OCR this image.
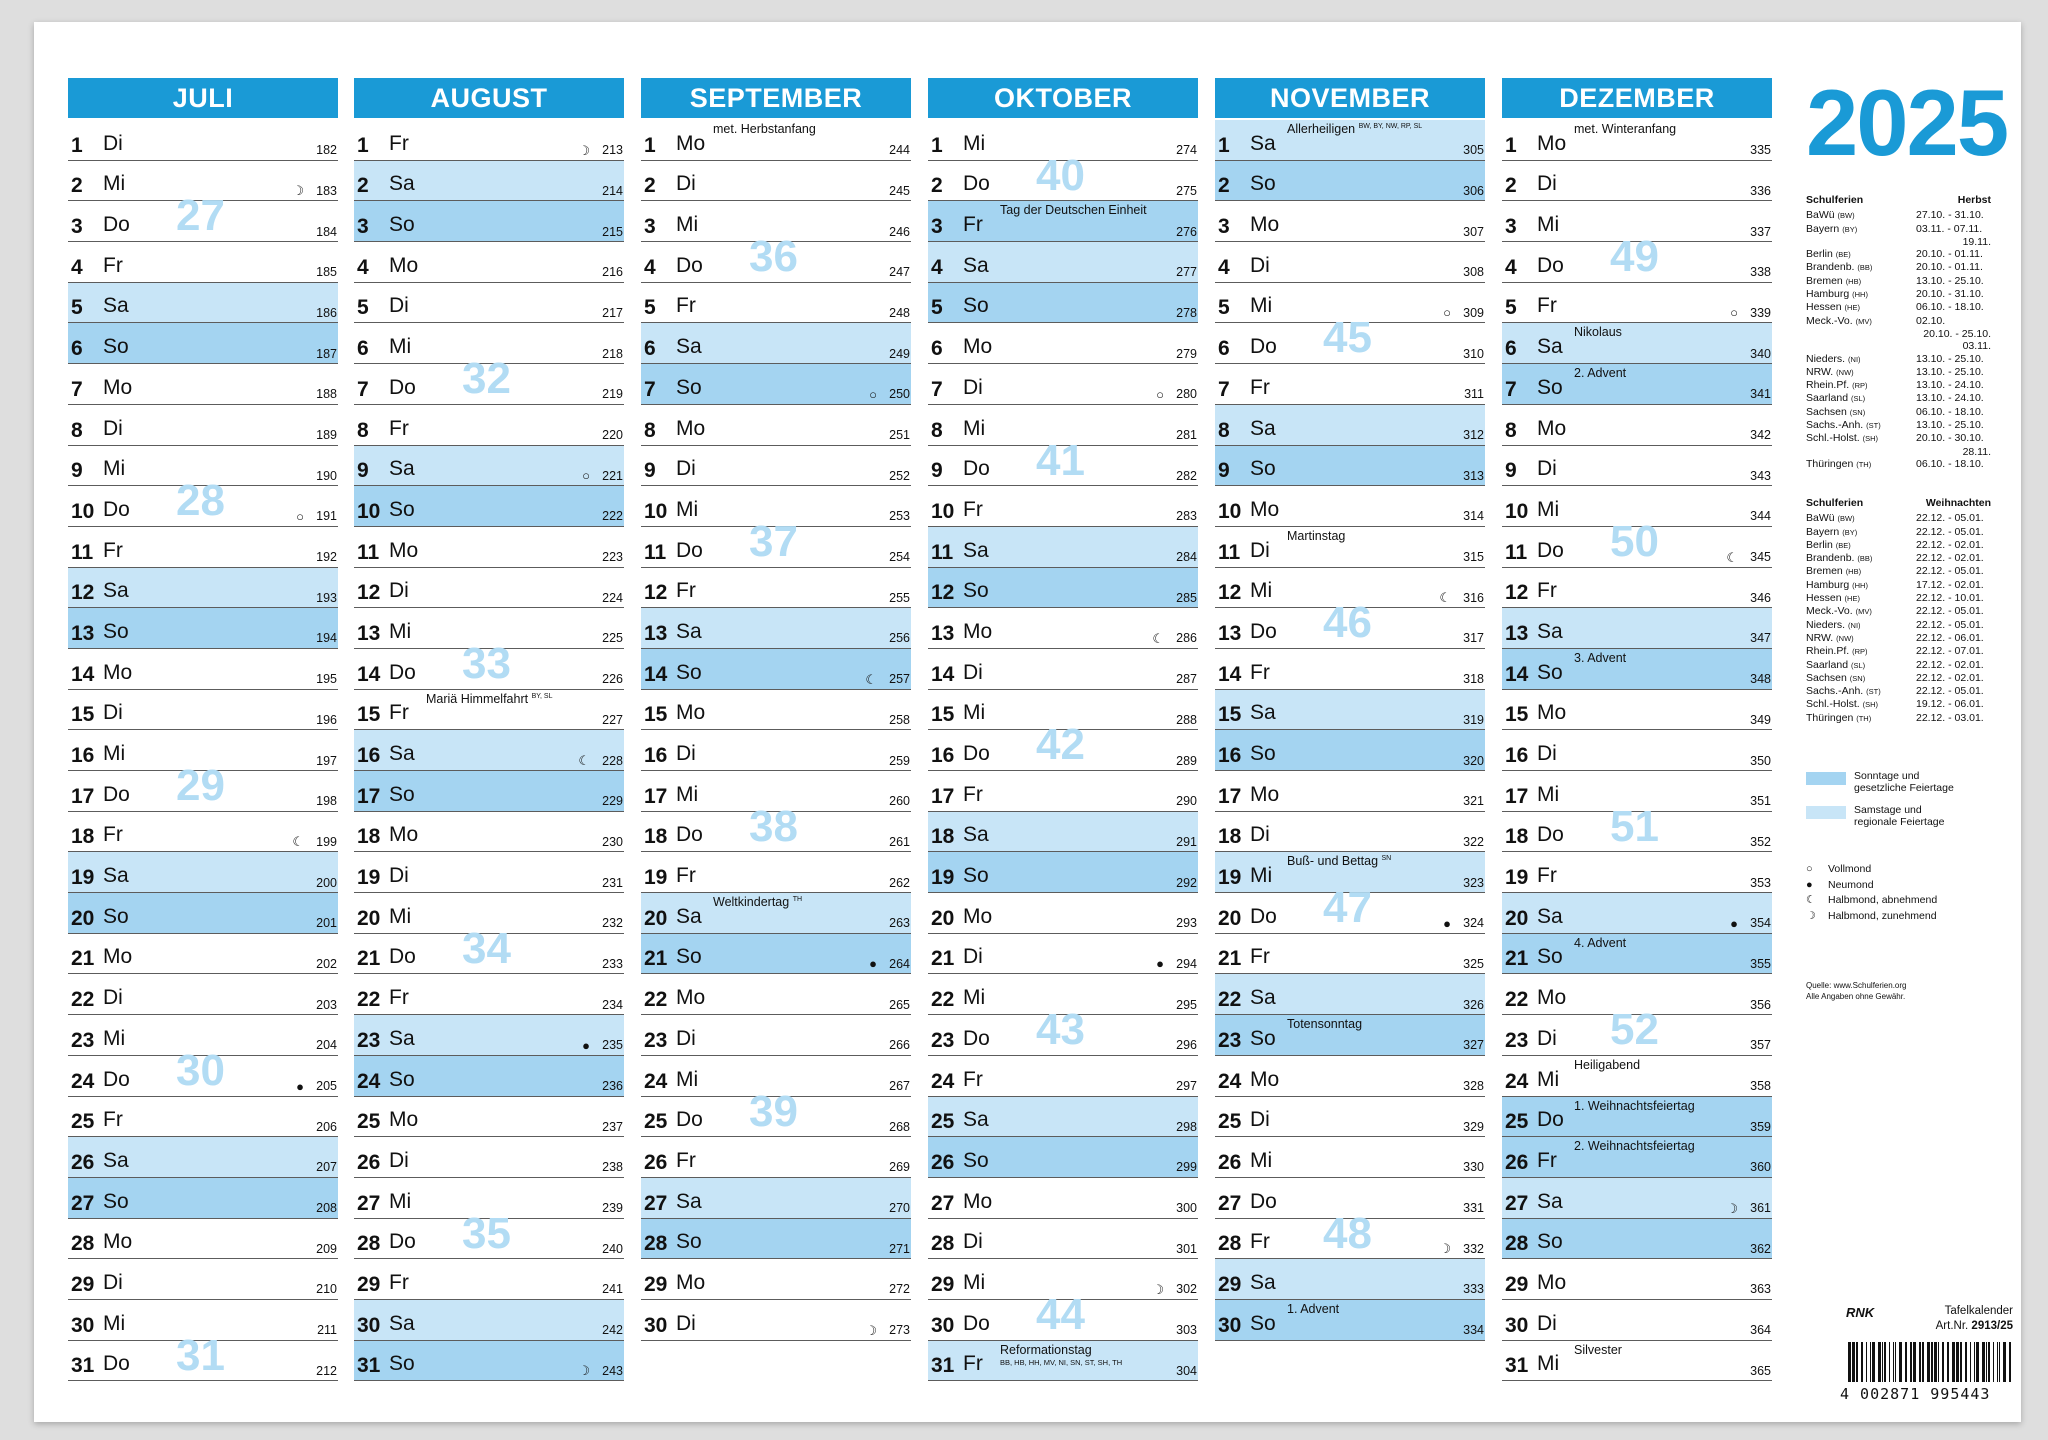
JULI
1 Di	182
2 Mi	☽ 183
27
3 Do	184
4 Fr	185
5 Sa	186
6 So	187
7 Mo	188
8 Di	189
9 Mi	190
28
10 Do	○ 191
11 Fr	192
12 Sa	193
13 So	194
14 Mo	195
15 Di	196
16 Mi	197
29
17 Do	198
18 Fr	☾ 199
19 Sa	200
20 So	201
21 Mo	202
22 Di	203
23 Mi	204
30
24 Do	● 205
25 Fr	206
26 Sa	207
27 So	208
28 Mo	209
29 Di	210
30 Mi	211
31
31 Do	212
AUGUST
1 Fr	☽ 213
2 Sa	214
3 So	215
4 Mo	216
5 Di	217
6 Mi	218
32
7 Do	219
8 Fr	220
9 Sa	○ 221
10 So	222
11 Mo	223
12 Di	224
13 Mi	225
33
14 Do	226
15 Fr	227
Mariä Himmelfahrt $^{BY, SL}$
16 Sa	☾ 228
17 So	229
18 Mo	230
19 Di	231
20 Mi	232
34
21 Do	233
22 Fr	234
23 Sa	● 235
24 So	236
25 Mo	237
26 Di	238
27 Mi	239
35
28 Do	240
29 Fr	241
30 Sa	242
31 So	☽ 243
SEPTEMBER
1 Mo	244
met. Herbstanfang
2 Di	245
3 Mi	246
36
4 Do	247
5 Fr	248
6 Sa	249
7 So	○ 250
8 Mo	251
9 Di	252
10 Mi	253
37
11 Do	254
12 Fr	255
13 Sa	256
14 So	☾ 257
15 Mo	258
16 Di	259
17 Mi	260
38
18 Do	261
19 Fr	262
20 Sa	263
Weltkindertag $^{TH}$
21 So	● 264
22 Mo	265
23 Di	266
24 Mi	267
39
25 Do	268
26 Fr	269
27 Sa	270
28 So	271
29 Mo	272
30 Di	☽ 273
OKTOBER
1 Mi	274
40
2 Do	275
3 Fr	276
Tag der Deutschen Einheit
4 Sa	277
5 So	278
6 Mo	279
7 Di	○ 280
8 Mi	281
41
9 Do	282
10 Fr	283
11 Sa	284
12 So	285
13 Mo	☾ 286
14 Di	287
15 Mi	288
42
16 Do	289
17 Fr	290
18 Sa	291
19 So	292
20 Mo	293
21 Di	● 294
22 Mi	295
43
23 Do	296
24 Fr	297
25 Sa	298
26 So	299
27 Mo	300
28 Di	301
29 Mi	☽ 302
44
30 Do	303
31 Fr	304
Reformationstag
BB, HB, HH, MV, NI, SN, ST, SH, TH
NOVEMBER
1 Sa	305
Allerheiligen $^{BW, BY, NW, RP, SL}$
2 So	306
3 Mo	307
4 Di	308
5 Mi	○ 309
45
6 Do	310
7 Fr	311
8 Sa	312
9 So	313
10 Mo	314
11 Di	315
Martinstag
12 Mi	☾ 316
46
13 Do	317
14 Fr	318
15 Sa	319
16 So	320
17 Mo	321
18 Di	322
19 Mi	323
Buß- und Bettag $^{SN}$
47
20 Do	● 324
21 Fr	325
22 Sa	326
23 So	327
Totensonntag
24 Mo	328
25 Di	329
26 Mi	330
27 Do	331
48
28 Fr	☽ 332
29 Sa	333
30 So	334
1. Advent
DEZEMBER
1 Mo	335
met. Winteranfang
2 Di	336
3 Mi	337
49
4 Do	338
5 Fr	○ 339
6 Sa	340
Nikolaus
7 So	341
2. Advent
8 Mo	342
9 Di	343
10 Mi	344
50
11 Do	☾ 345
12 Fr	346
13 Sa	347
14 So	348
3. Advent
15 Mo	349
16 Di	350
17 Mi	351
51
18 Do	352
19 Fr	353
20 Sa	● 354
21 So	355
4. Advent
22 Mo	356
52
23 Di	357
24 Mi	358
Heiligabend
25 Do	359
1. Weihnachtsfeiertag
26 Fr	360
2. Weihnachtsfeiertag
27 Sa	☽ 361
28 So	362
29 Mo	363
30 Di	364
31 Mi	365
Silvester
2025
Schulferien	Herbst
BaWü (BW)	27.10. - 31.10.
Bayern (BY)	03.11. - 07.11.
19.11.
Berlin (BE)	20.10. - 01.11.
Brandenb. (BB)	20.10. - 01.11.
Bremen (HB)	13.10. - 25.10.
Hamburg (HH)	20.10. - 31.10.
Hessen (HE)	06.10. - 18.10.
Meck.-Vo. (MV)	02.10.
20.10. - 25.10.
03.11.
Nieders. (NI)	13.10. - 25.10.
NRW. (NW)	13.10. - 25.10.
Rhein.Pf. (RP)	13.10. - 24.10.
Saarland (SL)	13.10. - 24.10.
Sachsen (SN)	06.10. - 18.10.
Sachs.-Anh. (ST)	13.10. - 25.10.
Schl.-Holst. (SH)	20.10. - 30.10.
28.11.
Thüringen (TH)	06.10. - 18.10.
Schulferien	Weihnachten
BaWü (BW)	22.12. - 05.01.
Bayern (BY)	22.12. - 05.01.
Berlin (BE)	22.12. - 02.01.
Brandenb. (BB)	22.12. - 02.01.
Bremen (HB)	22.12. - 05.01.
Hamburg (HH)	17.12. - 02.01.
Hessen (HE)	22.12. - 10.01.
Meck.-Vo. (MV)	22.12. - 05.01.
Nieders. (NI)	22.12. - 05.01.
NRW. (NW)	22.12. - 06.01.
Rhein.Pf. (RP)	22.12. - 07.01.
Saarland (SL)	22.12. - 02.01.
Sachsen (SN)	22.12. - 02.01.
Sachs.-Anh. (ST)	22.12. - 05.01.
Schl.-Holst. (SH)	19.12. - 06.01.
Thüringen (TH)	22.12. - 03.01.
Sonntage und
gesetzliche Feiertage
Samstage und
regionale Feiertage
○	Vollmond
●	Neumond
☾	Halbmond, abnehmend
☽	Halbmond, zunehmend
Quelle: www.Schulferien.org
Alle Angaben ohne Gewähr.
RNK	Tafelkalender
Art.Nr. 2913/25
4 002871 995443
